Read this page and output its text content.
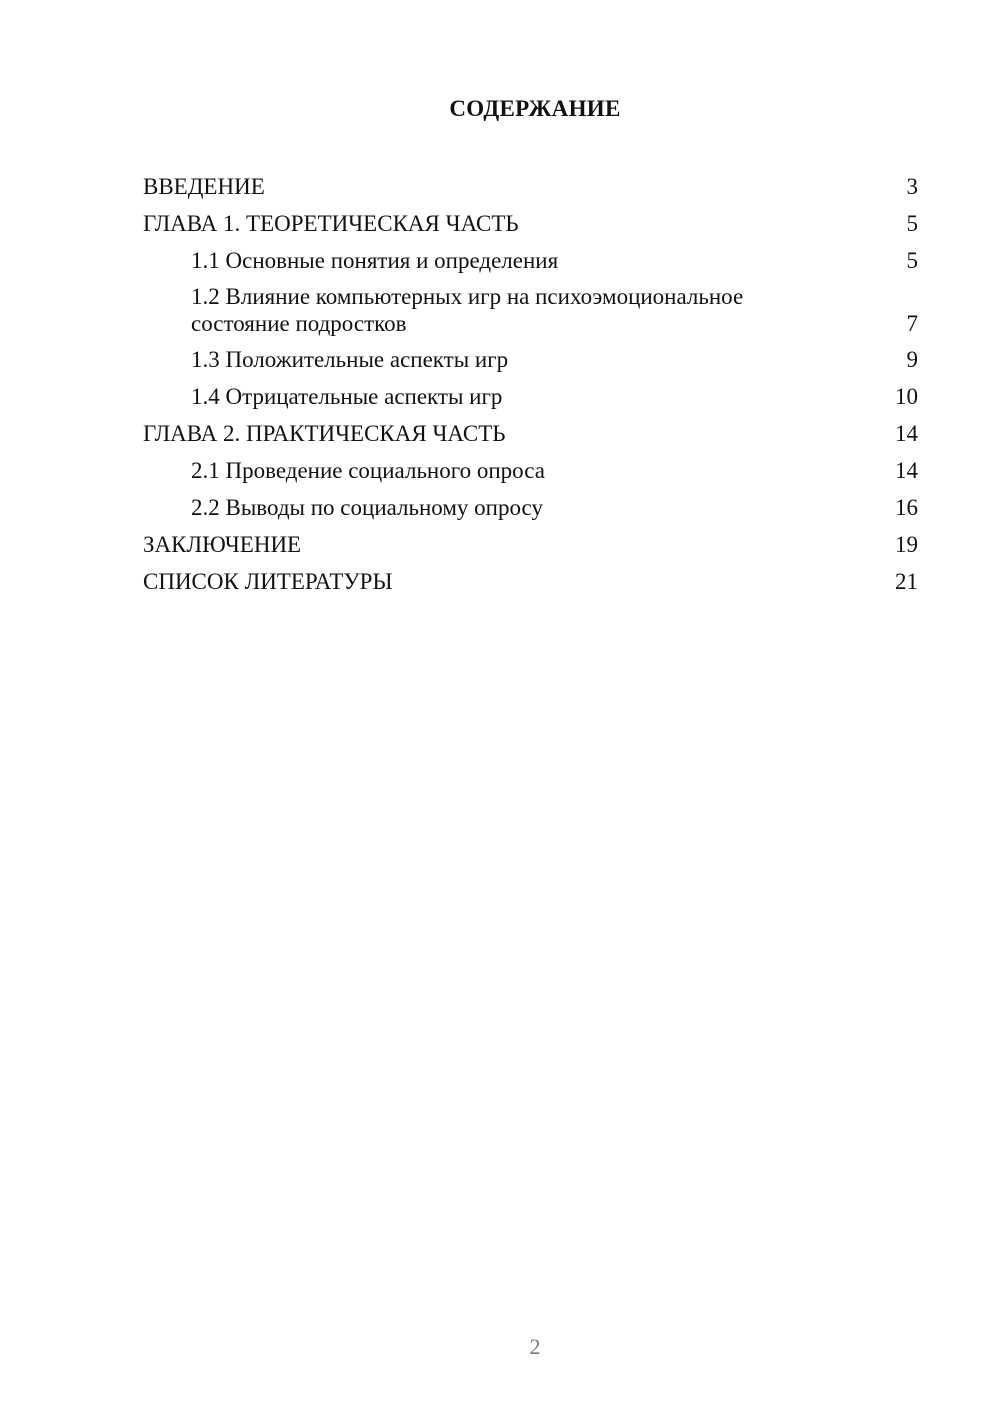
СОДЕРЖАНИЕ
ВВЕДЕНИЕ	3
ГЛАВА 1. ТЕОРЕТИЧЕСКАЯ ЧАСТЬ	5
1.1 Основные понятия и определения	5
1.2 Влияние компьютерных игр на психоэмоциональное состояние подростков	7
1.3 Положительные аспекты игр	9
1.4 Отрицательные аспекты игр	10
ГЛАВА 2. ПРАКТИЧЕСКАЯ ЧАСТЬ	14
2.1 Проведение социального опроса	14
2.2 Выводы по социальному опросу	16
ЗАКЛЮЧЕНИЕ	19
СПИСОК ЛИТЕРАТУРЫ	21
2
